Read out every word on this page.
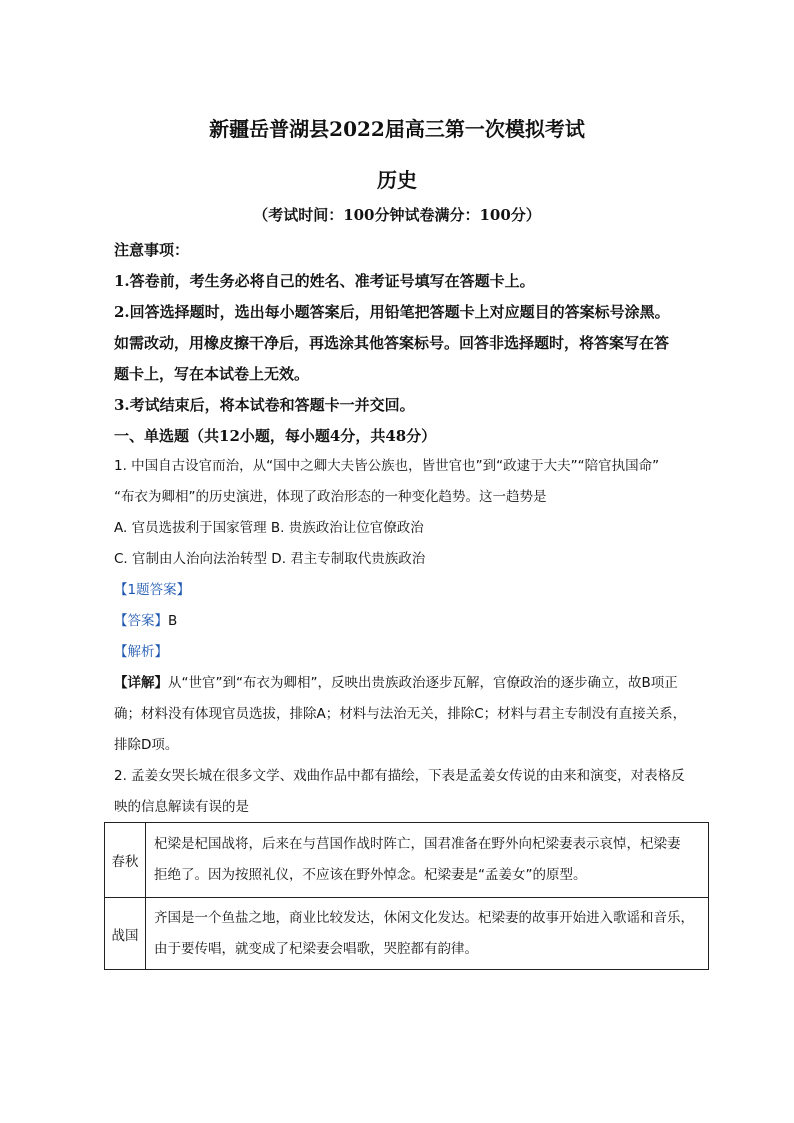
新疆岳普湖县2022届高三第一次模拟考试
历史
（考试时间：100分钟试卷满分：100分）
注意事项：
1.答卷前，考生务必将自己的姓名、准考证号填写在答题卡上。
2.回答选择题时，选出每小题答案后，用铅笔把答题卡上对应题目的答案标号涂黑。
如需改动，用橡皮擦干净后，再选涂其他答案标号。回答非选择题时，将答案写在答
题卡上，写在本试卷上无效。
3.考试结束后，将本试卷和答题卡一并交回。
一、单选题（共12小题，每小题4分，共48分）
1. 中国自古设官而治，从“国中之卿大夫皆公族也，皆世官也”到“政逮于大夫”“陪官执国命”
“布衣为卿相”的历史演进，体现了政治形态的一种变化趋势。这一趋势是
A. 官员选拔利于国家管理 B. 贵族政治让位官僚政治
C. 官制由人治向法治转型 D. 君主专制取代贵族政治
【1题答案】
【答案】B
【解析】
【详解】从“世官”到“布衣为卿相”，反映出贵族政治逐步瓦解，官僚政治的逐步确立，故B项正
确；材料没有体现官员选拔，排除A；材料与法治无关，排除C；材料与君主专制没有直接关系，
排除D项。
2. 孟姜女哭长城在很多文学、戏曲作品中都有描绘，下表是孟姜女传说的由来和演变，对表格反
映的信息解读有误的是
春秋	杞梁是杞国战将，后来在与莒国作战时阵亡，国君准备在野外向杞梁妻表示哀悼，杞梁妻
拒绝了。因为按照礼仪，不应该在野外悼念。杞梁妻是“孟姜女”的原型。

战国	齐国是一个鱼盐之地，商业比较发达，休闲文化发达。杞梁妻的故事开始进入歌谣和音乐，
由于要传唱，就变成了杞梁妻会唱歌，哭腔都有韵律。
